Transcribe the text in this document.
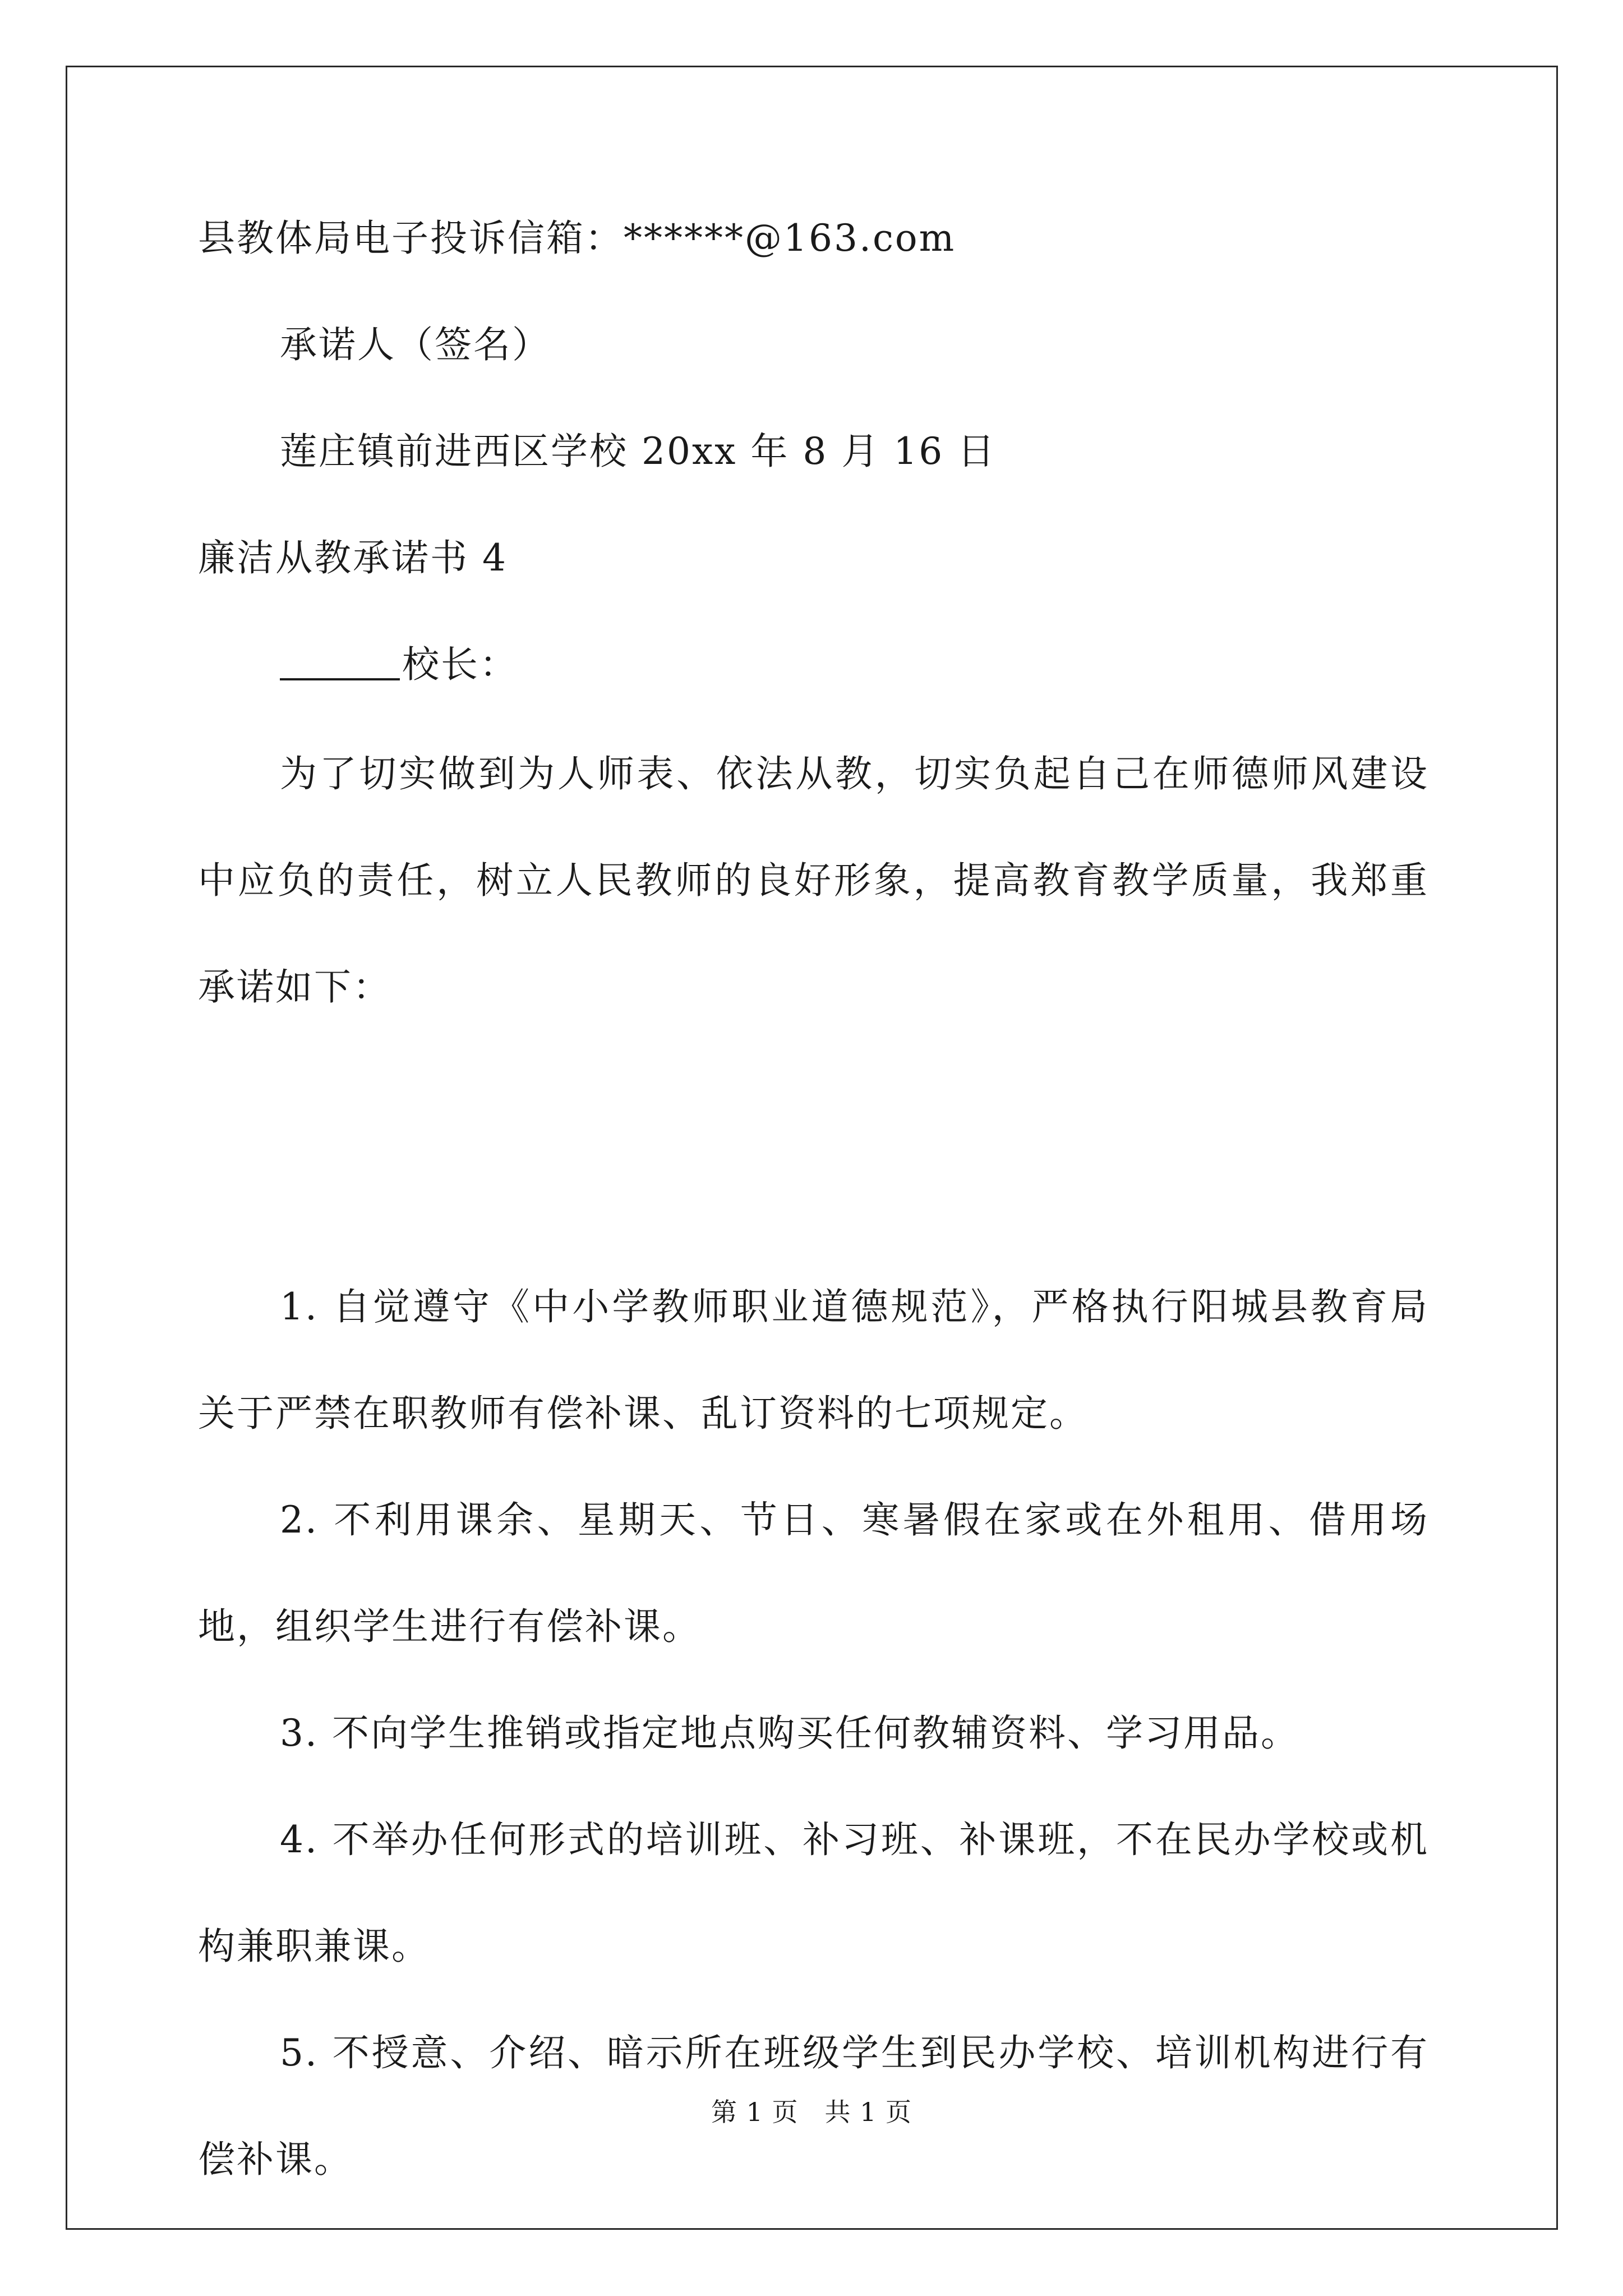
县教体局电子投诉信箱：******@163.com
承诺人（签名）
莲庄镇前进西区学校 20xx 年 8 月 16 日
廉洁从教承诺书 4
校长：
为了切实做到为人师表、依法从教，切实负起自己在师德师风建设中应负的责任，树立人民教师的良好形象，提高教育教学质量，我郑重承诺如下：
1. 自觉遵守《中小学教师职业道德规范》，严格执行阳城县教育局关于严禁在职教师有偿补课、乱订资料的七项规定。
2. 不利用课余、星期天、节日、寒暑假在家或在外租用、借用场地，组织学生进行有偿补课。
3. 不向学生推销或指定地点购买任何教辅资料、学习用品。
4. 不举办任何形式的培训班、补习班、补课班，不在民办学校或机构兼职兼课。
5. 不授意、介绍、暗示所在班级学生到民办学校、培训机构进行有偿补课。
第 1 页　共 1 页
